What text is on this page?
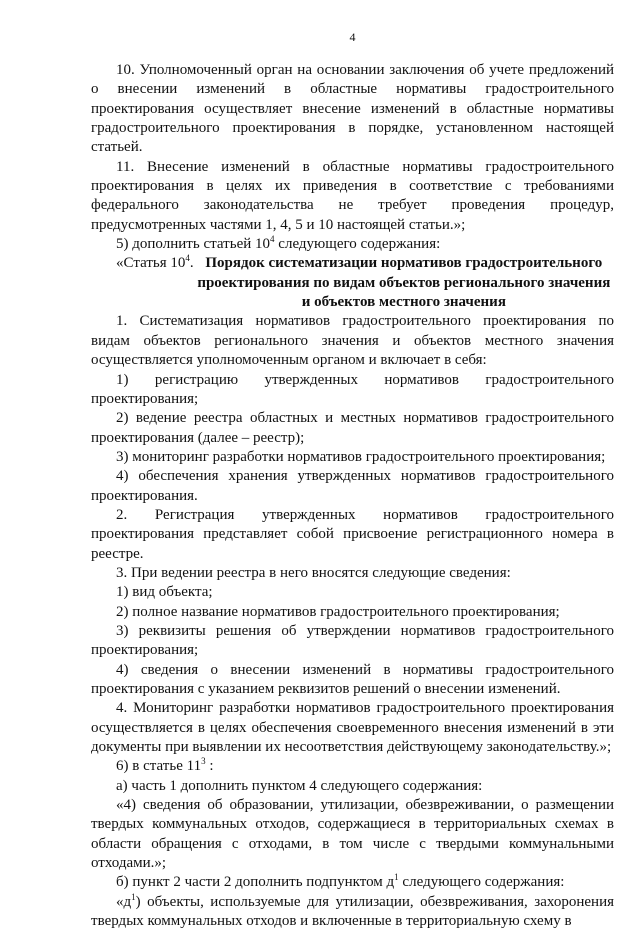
4

10. Уполномоченный орган на основании заключения об учете предложений о внесении изменений в областные нормативы градостроительного проектирования осуществляет внесение изменений в областные нормативы градостроительного проектирования в порядке, установленном настоящей статьей.

11. Внесение изменений в областные нормативы градостроительного проектирования в целях их приведения в соответствие с требованиями федерального законодательства не требует проведения процедур, предусмотренных частями 1, 4, 5 и 10 настоящей статьи.»;

5) дополнить статьей $10^4$ следующего содержания:

«Статья $10^4$. Порядок систематизации нормативов градостроительного проектирования по видам объектов регионального значения и объектов местного значения

1. Систематизация нормативов градостроительного проектирования по видам объектов регионального значения и объектов местного значения осуществляется уполномоченным органом и включает в себя:

1) регистрацию утвержденных нормативов градостроительного проектирования;

2) ведение реестра областных и местных нормативов градостроительного проектирования (далее – реестр);

3) мониторинг разработки нормативов градостроительного проектирования;

4) обеспечения хранения утвержденных нормативов градостроительного проектирования.

2. Регистрация утвержденных нормативов градостроительного проектирования представляет собой присвоение регистрационного номера в реестре.

3. При ведении реестра в него вносятся следующие сведения:

1) вид объекта;

2) полное название нормативов градостроительного проектирования;

3) реквизиты решения об утверждении нормативов градостроительного проектирования;

4) сведения о внесении изменений в нормативы градостроительного проектирования с указанием реквизитов решений о внесении изменений.

4. Мониторинг разработки нормативов градостроительного проектирования осуществляется в целях обеспечения своевременного внесения изменений в эти документы при выявлении их несоответствия действующему законодательству.»;

6) в статье $11^3$ :

а) часть 1 дополнить пунктом 4 следующего содержания:

«4) сведения об образовании, утилизации, обезвреживании, о размещении твердых коммунальных отходов, содержащиеся в территориальных схемах в области обращения с отходами, в том числе с твердыми коммунальными отходами.»;

б) пункт 2 части 2 дополнить подпунктом $д^1$ следующего содержания:

«$д^1$) объекты, используемые для утилизации, обезвреживания, захоронения твердых коммунальных отходов и включенные в территориальную схему в
